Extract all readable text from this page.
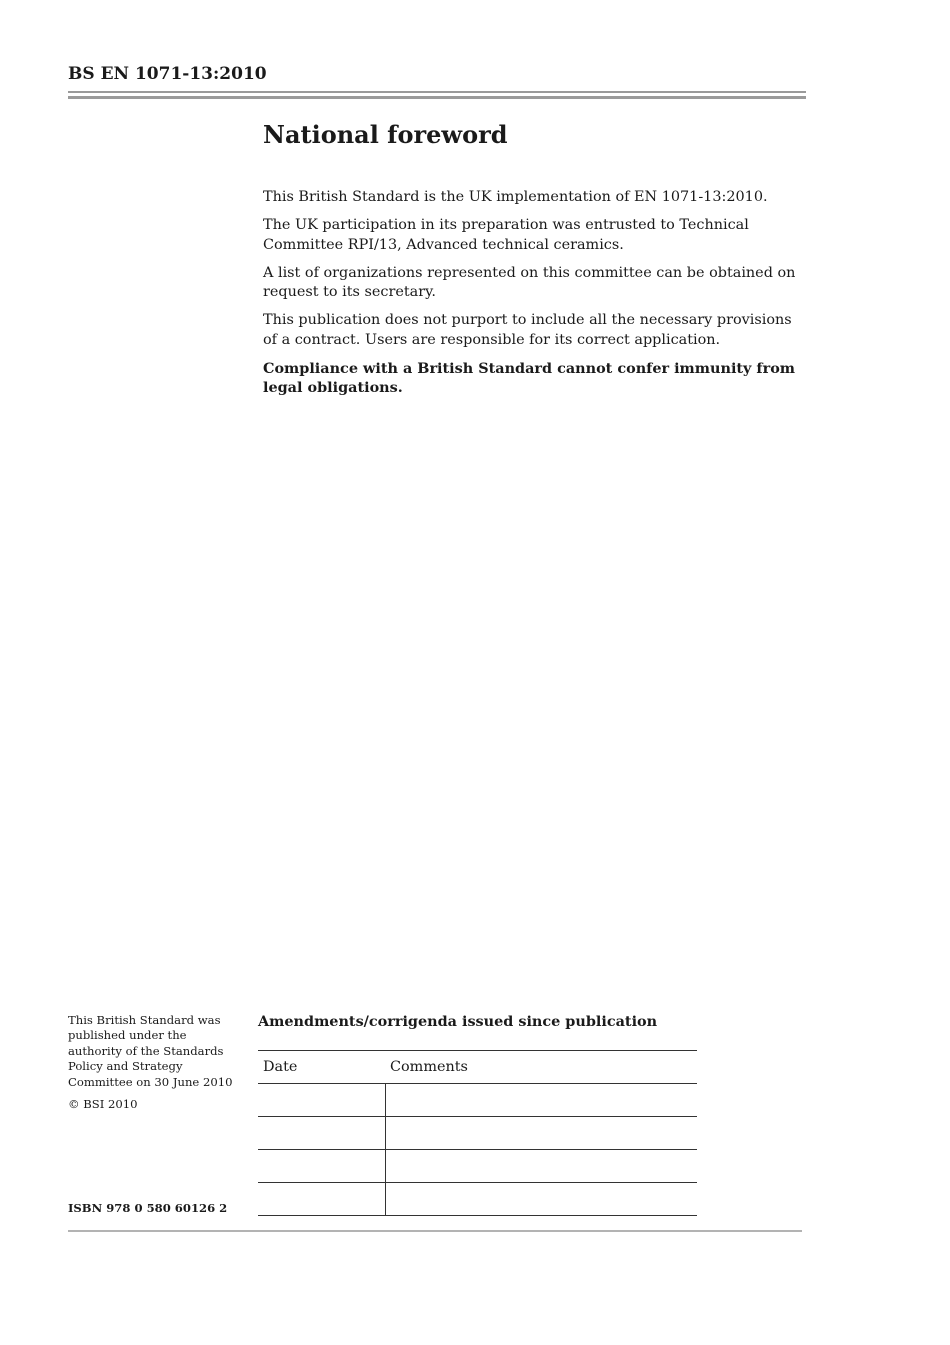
BS EN 1071-13:2010
National foreword

This British Standard is the UK implementation of EN 1071-13:2010.

The UK participation in its preparation was entrusted to Technical Committee RPI/13, Advanced technical ceramics.

A list of organizations represented on this committee can be obtained on request to its secretary.

This publication does not purport to include all the necessary provisions of a contract. Users are responsible for its correct application.

Compliance with a British Standard cannot confer immunity from legal obligations.

This British Standard was published under the authority of the Standards Policy and Strategy Committee on 30 June 2010

© BSI 2010

ISBN 978 0 580 60126 2
Amendments/corrigenda issued since publication
Date	Comments
